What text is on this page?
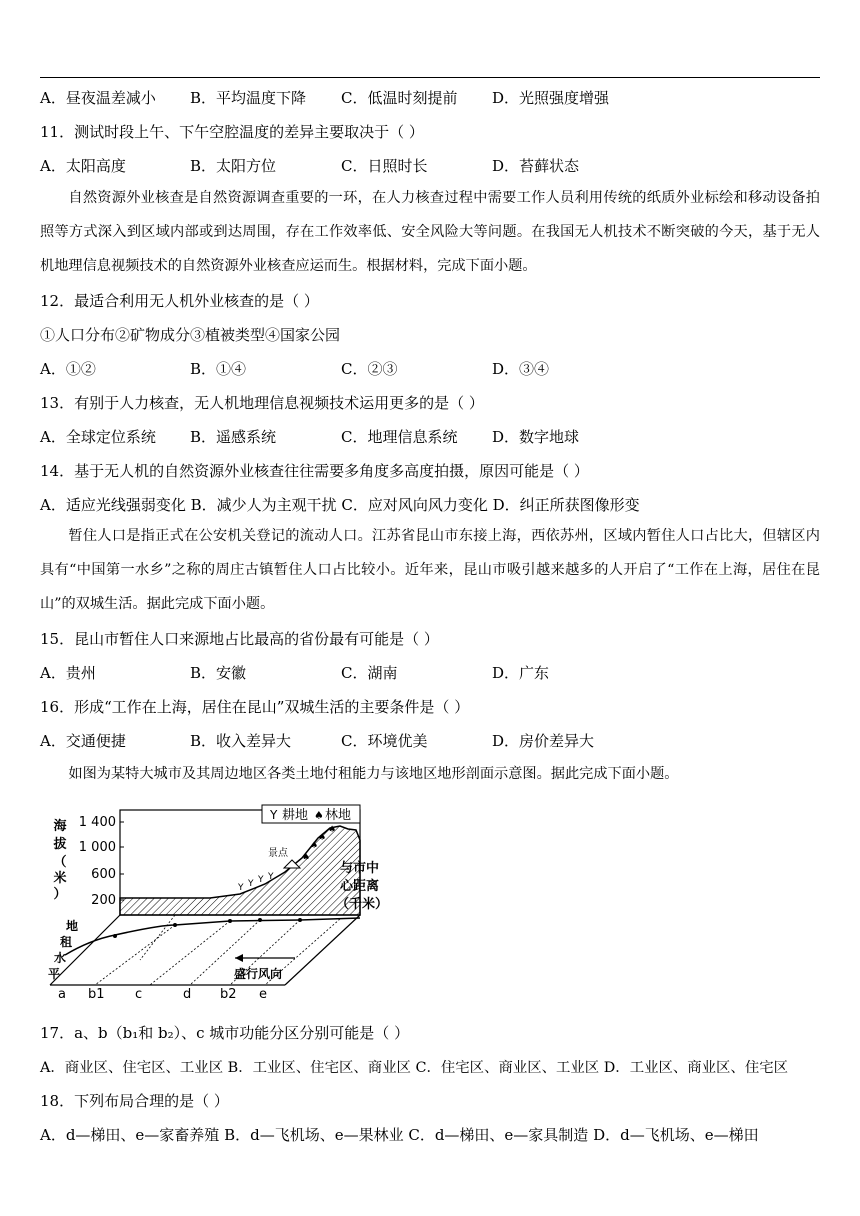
A．昼夜温差减小 B．平均温度下降 C．低温时刻提前 D．光照强度增强
11．测试时段上午、下午空腔温度的差异主要取决于（ ）
A．太阳高度	B．太阳方位	C．日照时长	D．苔藓状态
自然资源外业核查是自然资源调查重要的一环，在人力核查过程中需要工作人员利用传统的纸质外业标绘和移动设备拍照等方式深入到区域内部或到达周围，存在工作效率低、安全风险大等问题。在我国无人机技术不断突破的今天，基于无人机地理信息视频技术的自然资源外业核查应运而生。根据材料，完成下面小题。
12．最适合利用无人机外业核查的是（ ）
①人口分布②矿物成分③植被类型④国家公园
A．①②	B．①④	C．②③	D．③④
13．有别于人力核查，无人机地理信息视频技术运用更多的是（ ）
A．全球定位系统 B．遥感系统	C．地理信息系统 D．数字地球
14．基于无人机的自然资源外业核查往往需要多角度多高度拍摄，原因可能是（ ）
A．适应光线强弱变化 B．减少人为主观干扰 C．应对风向风力变化 D．纠正所获图像形变
暂住人口是指正式在公安机关登记的流动人口。江苏省昆山市东接上海，西依苏州，区域内暂住人口占比大，但辖区内具有“中国第一水乡”之称的周庄古镇暂住人口占比较小。近年来，昆山市吸引越来越多的人开启了“工作在上海，居住在昆山”的双城生活。据此完成下面小题。
15．昆山市暂住人口来源地占比最高的省份最有可能是（ ）
A．贵州	B．安徽	C．湖南	D．广东
16．形成“工作在上海，居住在昆山”双城生活的主要条件是（ ）
A．交通便捷	B．收入差异大	C．环境优美	D．房价差异大
如图为某特大城市及其周边地区各类土地付租能力与该地区地形剖面示意图。据此完成下面小题。
海
拔
（
米
）
1 400
1 000
600
200
Y 耕地 ♠ 林地
景点
Y Y Y Y
♠
♠
♠
♠
与市中
心距离
（千米）
地
租
水
平	盛行风向
a b1 c	d b2 e
17．a、b（b₁和 b₂）、c 城市功能分区分别可能是（ ）
A．商业区、住宅区、工业区 B．工业区、住宅区、商业区 C．住宅区、商业区、工业区 D．工业区、商业区、住宅区
18．下列布局合理的是（ ）
A．d—梯田、e—家畜养殖 B．d—飞机场、e—果林业 C．d—梯田、e—家具制造 D．d—飞机场、e—梯田
